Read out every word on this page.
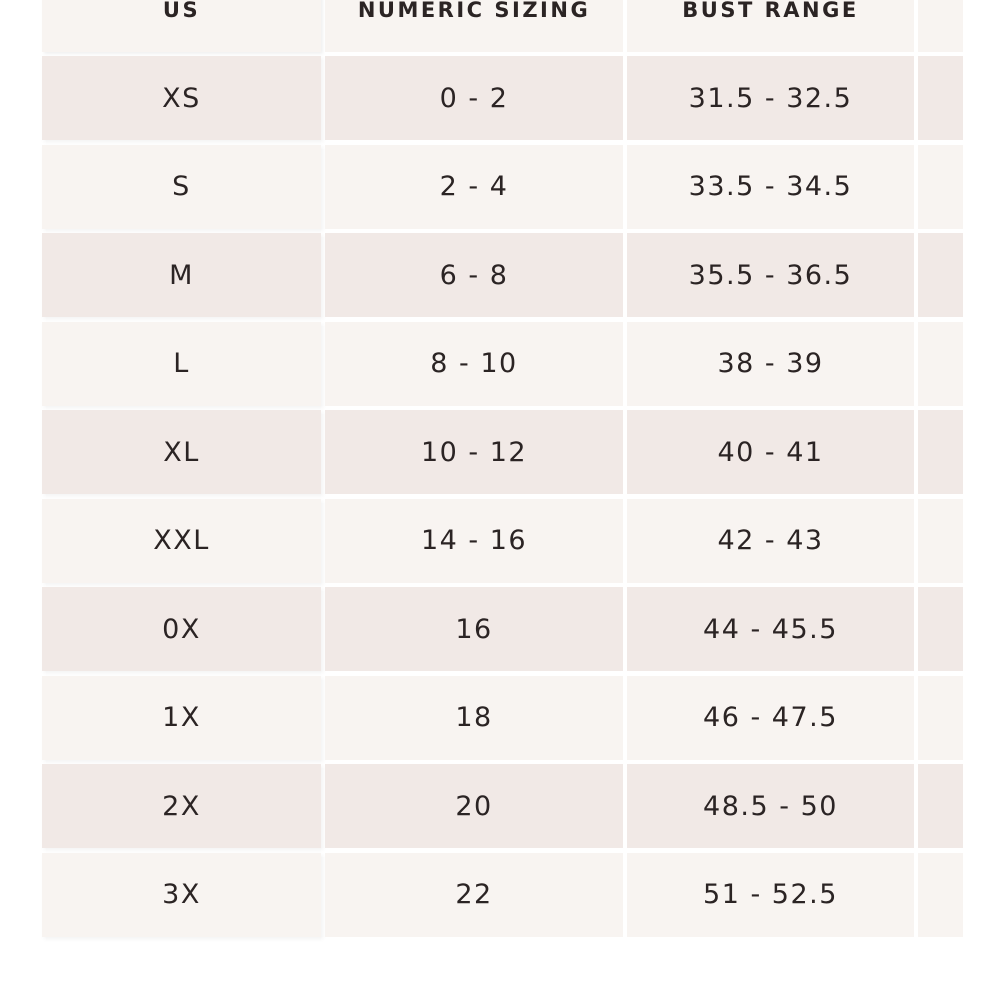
US	NUMERIC SIZING	BUST RANGE
XS	0 - 2	31.5 - 32.5
S	2 - 4	33.5 - 34.5
M	6 - 8	35.5 - 36.5
L	8 - 10	38 - 39
XL	10 - 12	40 - 41
XXL	14 - 16	42 - 43
0X	16	44 - 45.5
1X	18	46 - 47.5
2X	20	48.5 - 50
3X	22	51 - 52.5
